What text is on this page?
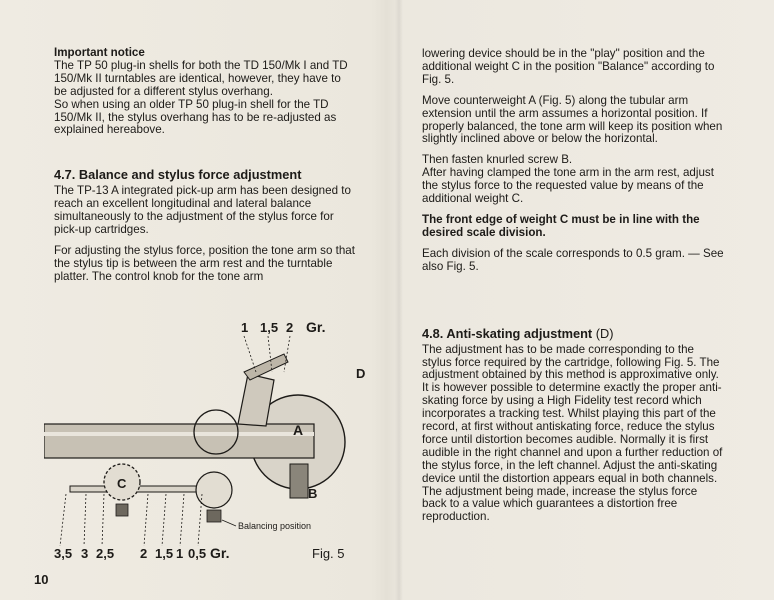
Important notice

The TP 50 plug-in shells for both the TD 150/Mk I and TD 150/Mk II turntables are identical, however, they have to be adjusted for a different stylus overhang.

So when using an older TP 50 plug-in shell for the TD 150/Mk II, the stylus overhang has to be re-adjusted as explained hereabove.

4.7. Balance and stylus force adjustment

The TP-13 A integrated pick-up arm has been designed to reach an excellent longitudinal and lateral balance simultaneously to the adjustment of the stylus force for pick-up cartridges.

For adjusting the stylus force, position the tone arm so that the stylus tip is between the arm rest and the turntable platter. The control knob for the tone arm

1 1,5 2 Gr.
A
B
C
D
Balancing position
3,5 3 2,5 2 1,5 1 0,5 Gr.	Fig. 5

lowering device should be in the "play" position and the additional weight C in the position "Balance" according to Fig. 5.

Move counterweight A (Fig. 5) along the tubular arm extension until the arm assumes a horizontal position. If properly balanced, the tone arm will keep its position when slightly inclined above or below the horizontal.

Then fasten knurled screw B.

After having clamped the tone arm in the arm rest, adjust the stylus force to the requested value by means of the additional weight C.

The front edge of weight C must be in line with the desired scale division.

Each division of the scale corresponds to 0.5 gram. — See also Fig. 5.

4.8. Anti-skating adjustment (D)

The adjustment has to be made corresponding to the stylus force required by the cartridge, following Fig. 5. The adjustment obtained by this method is approximative only. It is however possible to determine exactly the proper anti-skating force by using a High Fidelity test record which incorporates a tracking test. Whilst playing this part of the record, at first without antiskating force, reduce the stylus force until distortion becomes audible. Normally it is first audible in the right channel and upon a further reduction of the stylus force, in the left channel. Adjust the anti-skating device until the distortion appears equal in both channels. The adjustment being made, increase the stylus force back to a value which guarantees a distortion free reproduction.

10
